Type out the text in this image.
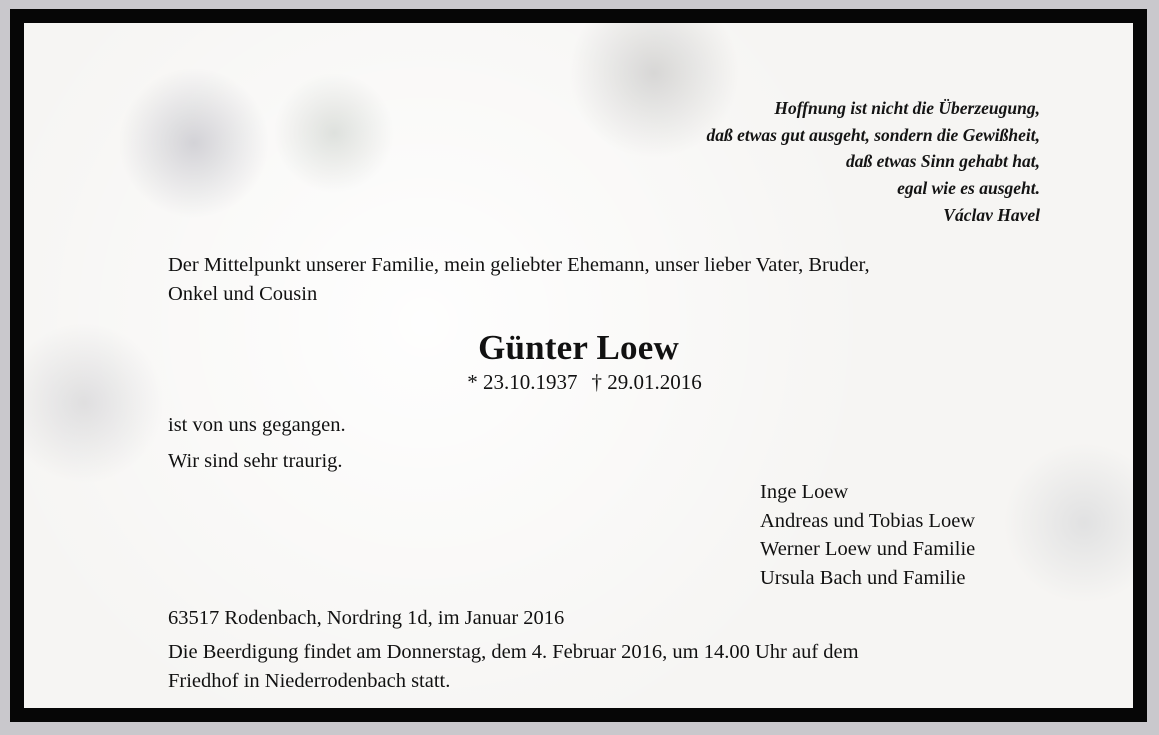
Hoffnung ist nicht die Überzeugung,
daß etwas gut ausgeht, sondern die Gewißheit,
daß etwas Sinn gehabt hat,
egal wie es ausgeht.
Václav Havel
Der Mittelpunkt unserer Familie, mein geliebter Ehemann, unser lieber Vater, Bruder,
Onkel und Cousin
Günter Loew
* 23.10.1937 † 29.01.2016
ist von uns gegangen.
Wir sind sehr traurig.
Inge Loew
Andreas und Tobias Loew
Werner Loew und Familie
Ursula Bach und Familie
63517 Rodenbach, Nordring 1d, im Januar 2016
Die Beerdigung findet am Donnerstag, dem 4. Februar 2016, um 14.00 Uhr auf dem
Friedhof in Niederrodenbach statt.
